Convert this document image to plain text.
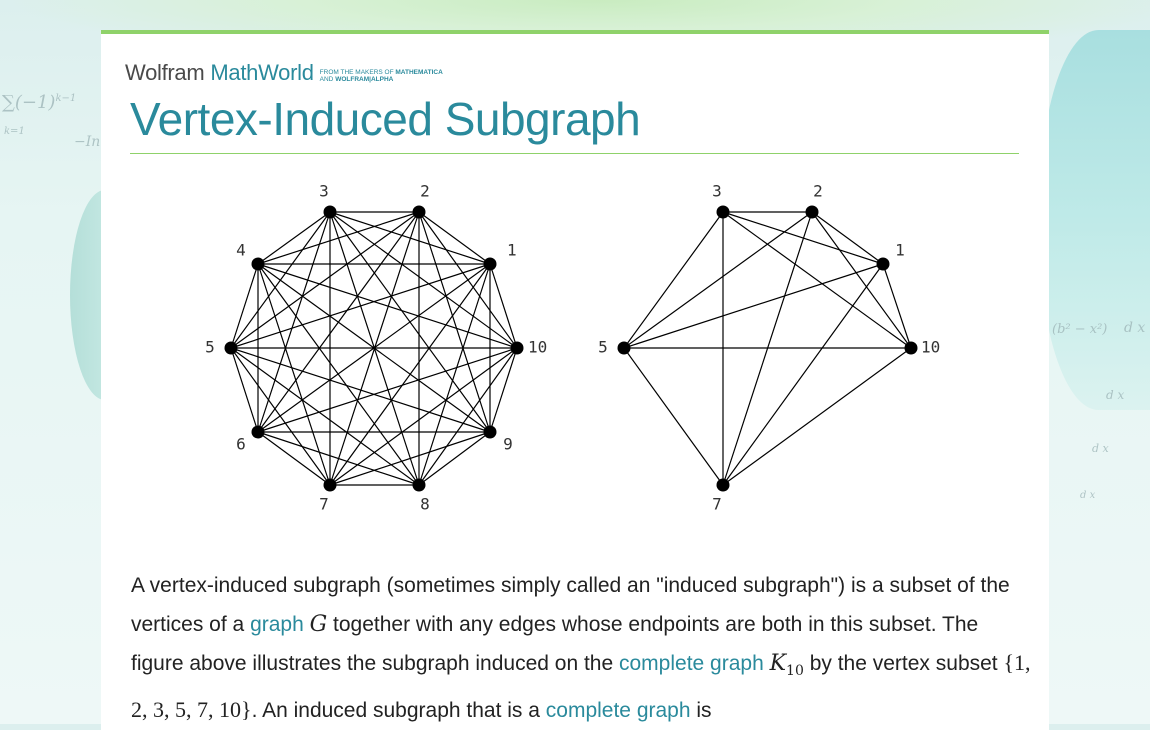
$\sum(-1)^{k-1}$
k=1
−In
(b² − x²) d x
d x
d x
d x
Wolfram MathWorld FROM THE MAKERS OF MATHEMATICA
AND WOLFRAM|ALPHA
Vertex-Induced Subgraph
1
2
3
4
5
6
7	8
9
10
1
2
3
5
7
10

A vertex-induced subgraph (sometimes simply called an "induced subgraph") is a subset of the vertices of a graph G together with any edges whose endpoints are both in this subset. The figure above illustrates the subgraph induced on the complete graph $K_{10}$ by the vertex subset {1, 2, 3, 5, 7, 10}. An induced subgraph that is a complete graph is
